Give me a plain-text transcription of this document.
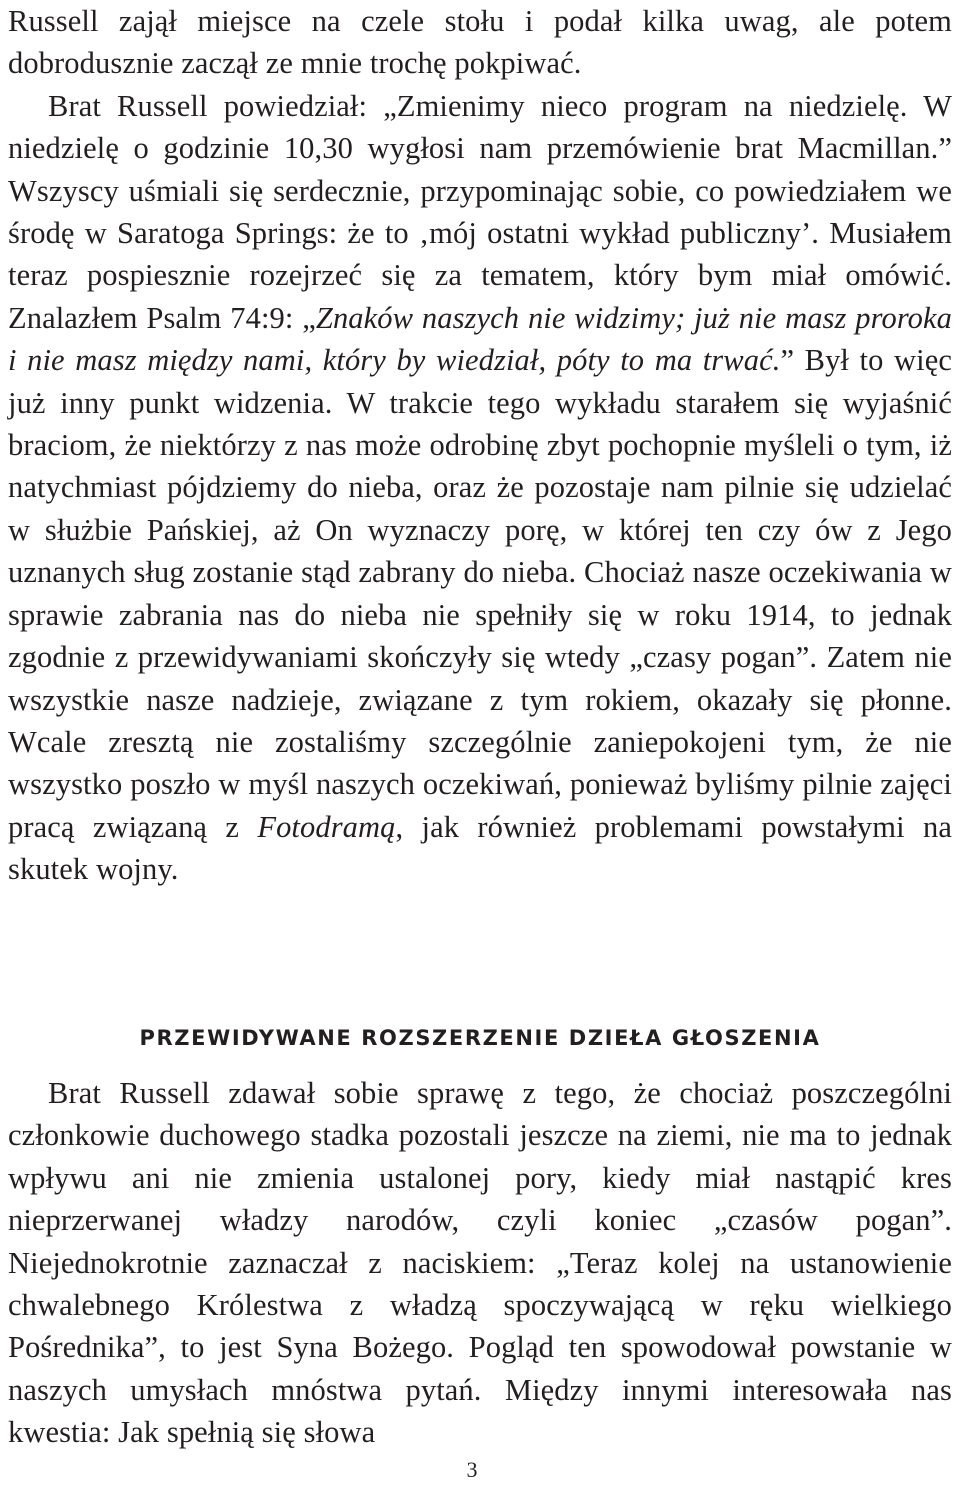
Russell zajął miejsce na czele stołu i podał kilka uwag, ale potem dobrodusznie zaczął ze mnie trochę pokpiwać.
Brat Russell powiedział: „Zmienimy nieco program na niedzielę. W niedzielę o godzinie 10,30 wygłosi nam przemówienie brat Macmillan.” Wszyscy uśmiali się serdecznie, przypominając sobie, co powiedziałem we środę w Saratoga Springs: że to ‚mój ostatni wykład publiczny’. Musiałem teraz pospiesznie rozejrzeć się za tematem, który bym miał omówić. Znalazłem Psalm 74:9: „Znaków naszych nie widzimy; już nie masz proroka i nie masz między nami, który by wiedział, póty to ma trwać.” Był to więc już inny punkt widzenia. W trakcie tego wykładu starałem się wyjaśnić braciom, że niektórzy z nas może odrobinę zbyt pochopnie myśleli o tym, iż natychmiast pójdziemy do nieba, oraz że pozostaje nam pilnie się udzielać w służbie Pańskiej, aż On wyznaczy porę, w której ten czy ów z Jego uznanych sług zostanie stąd zabrany do nieba. Chociaż nasze oczekiwania w sprawie zabrania nas do nieba nie spełniły się w roku 1914, to jednak zgodnie z przewidywaniami skończyły się wtedy „czasy pogan”. Zatem nie wszystkie nasze nadzieje, związane z tym rokiem, okazały się płonne. Wcale zresztą nie zostaliśmy szczególnie zaniepokojeni tym, że nie wszystko poszło w myśl naszych oczekiwań, ponieważ byliśmy pilnie zajęci pracą związaną z Fotodramą, jak również problemami powstałymi na skutek wojny.

PRZEWIDYWANE ROZSZERZENIE DZIEŁA GŁOSZENIA

Brat Russell zdawał sobie sprawę z tego, że chociaż poszczególni członkowie duchowego stadka pozostali jeszcze na ziemi, nie ma to jednak wpływu ani nie zmienia ustalonej pory, kiedy miał nastąpić kres nieprzerwanej władzy narodów, czyli koniec „czasów pogan”. Niejednokrotnie zaznaczał z naciskiem: „Teraz kolej na ustanowienie chwalebnego Królestwa z władzą spoczywającą w ręku wielkiego Pośrednika”, to jest Syna Bożego. Pogląd ten spowodował powstanie w naszych umysłach mnóstwa pytań. Między innymi interesowała nas kwestia: Jak spełnią się słowa

3
